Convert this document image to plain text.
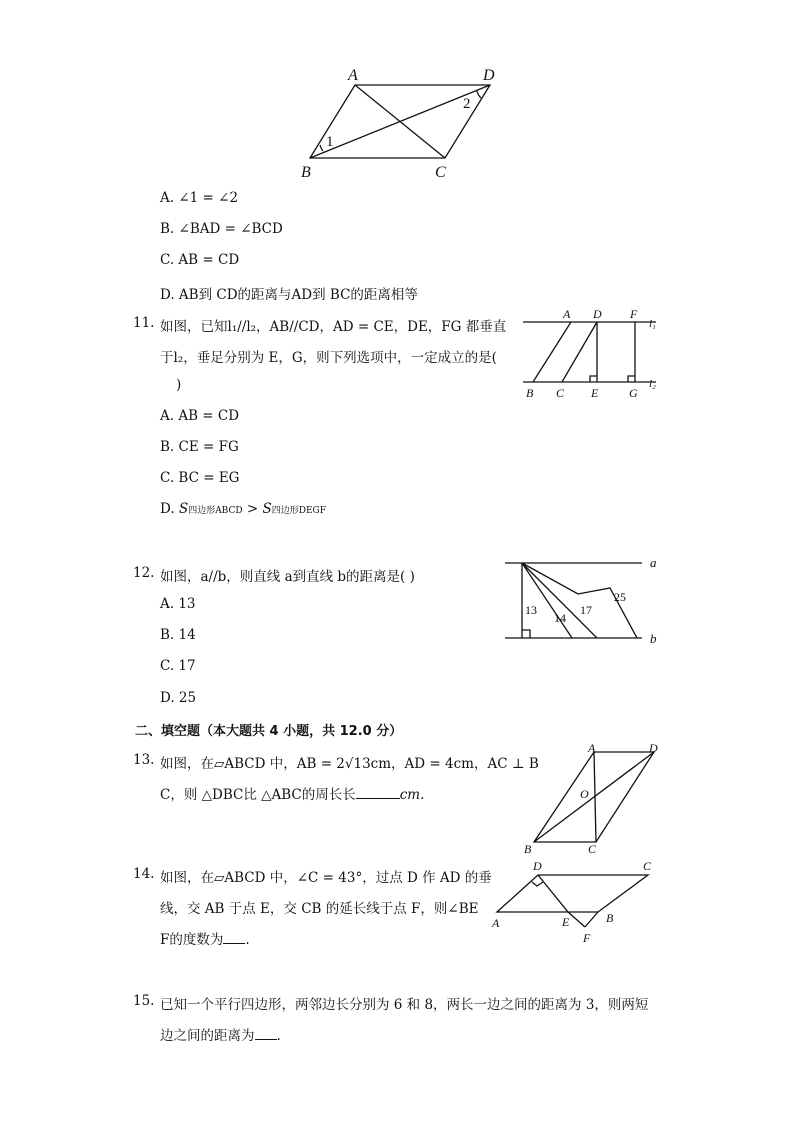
A	D
B	C
1
2
A. ∠1 = ∠2
B. ∠BAD = ∠BCD
C. AB = CD
D. AB到 CD的距离与AD到 BC的距离相等
11. 如图，已知l₁//l₂，AB//CD，AD = CE，DE，FG 都垂直
于l₂，垂足分别为 E，G，则下列选项中，一定成立的是(
)
A. AB = CD
B. CE = FG
C. BC = EG
D. S四边形ABCD > S四边形DEGF
A D F
l₁
B C E	G
l₂
12. 如图，a//b，则直线 a到直线 b的距离是( )
A. 13
B. 14
C. 17
D. 25
a
b
13
14
17
25
二、填空题（本大题共 4 小题，共 12.0 分）
13. 如图，在▱ABCD 中，AB = 2√13cm，AD = 4cm，AC ⊥ B
C，则 △DBC比 △ABC的周长长	cm.
A	D
O
B	C
14. 如图，在▱ABCD 中，∠C = 43°，过点 D 作 AD 的垂
线，交 AB 于点 E，交 CB 的延长线于点 F，则∠BE
F的度数为 .
D	C
A	E	B
F
15. 已知一个平行四边形，两邻边长分别为 6 和 8，两长一边之间的距离为 3，则两短
边之间的距离为 .
